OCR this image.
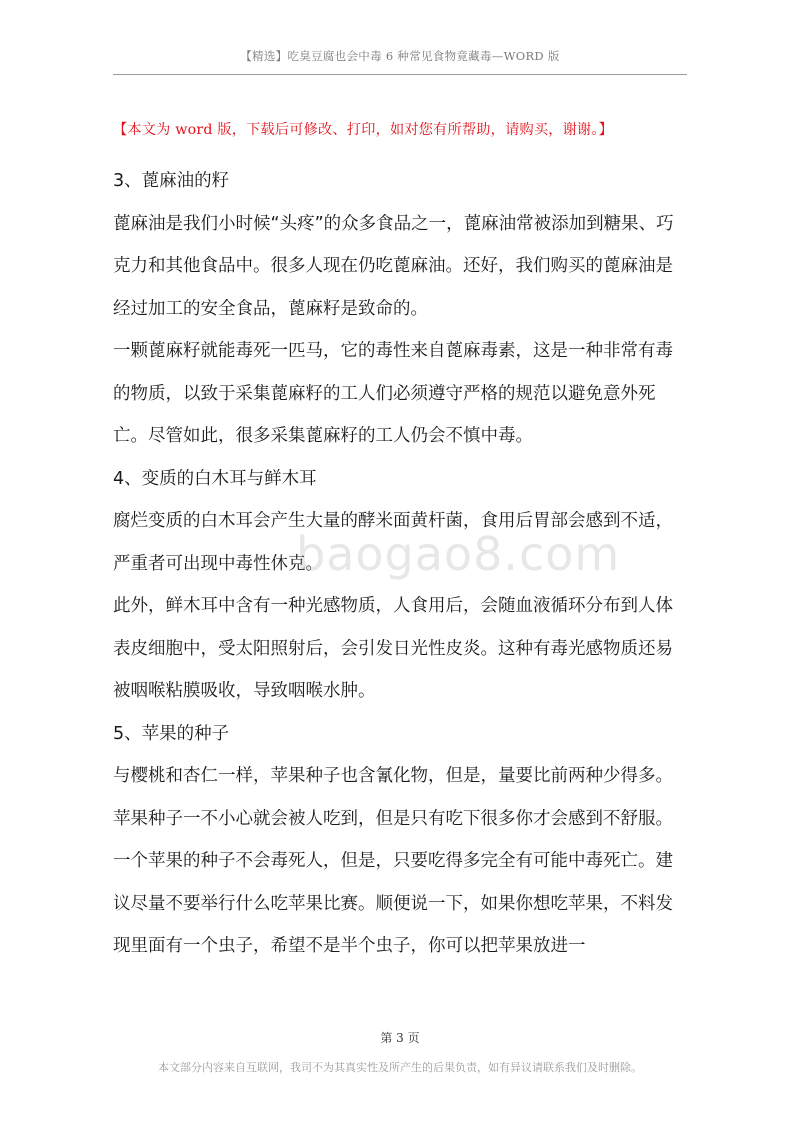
【精选】吃臭豆腐也会中毒 6 种常见食物竟藏毒—WORD 版
【本文为 word 版，下载后可修改、打印，如对您有所帮助，请购买，谢谢。】

3、蓖麻油的籽

蓖麻油是我们小时候“头疼”的众多食品之一，蓖麻油常被添加到糖果、巧克力和其他食品中。很多人现在仍吃蓖麻油。还好，我们购买的蓖麻油是经过加工的安全食品，蓖麻籽是致命的。

一颗蓖麻籽就能毒死一匹马，它的毒性来自蓖麻毒素，这是一种非常有毒的物质，以致于采集蓖麻籽的工人们必须遵守严格的规范以避免意外死亡。尽管如此，很多采集蓖麻籽的工人仍会不慎中毒。

4、变质的白木耳与鲜木耳

腐烂变质的白木耳会产生大量的酵米面黄杆菌，食用后胃部会感到不适，严重者可出现中毒性休克。

此外，鲜木耳中含有一种光感物质，人食用后，会随血液循环分布到人体表皮细胞中，受太阳照射后，会引发日光性皮炎。这种有毒光感物质还易被咽喉粘膜吸收，导致咽喉水肿。

5、苹果的种子

与樱桃和杏仁一样，苹果种子也含氰化物，但是，量要比前两种少得多。苹果种子一不小心就会被人吃到，但是只有吃下很多你才会感到不舒服。

一个苹果的种子不会毒死人，但是，只要吃得多完全有可能中毒死亡。建议尽量不要举行什么吃苹果比赛。顺便说一下，如果你想吃苹果，不料发现里面有一个虫子，希望不是半个虫子，你可以把苹果放进一

baogao8.com
第 3 页
本文部分内容来自互联网，我司不为其真实性及所产生的后果负责，如有异议请联系我们及时删除。
